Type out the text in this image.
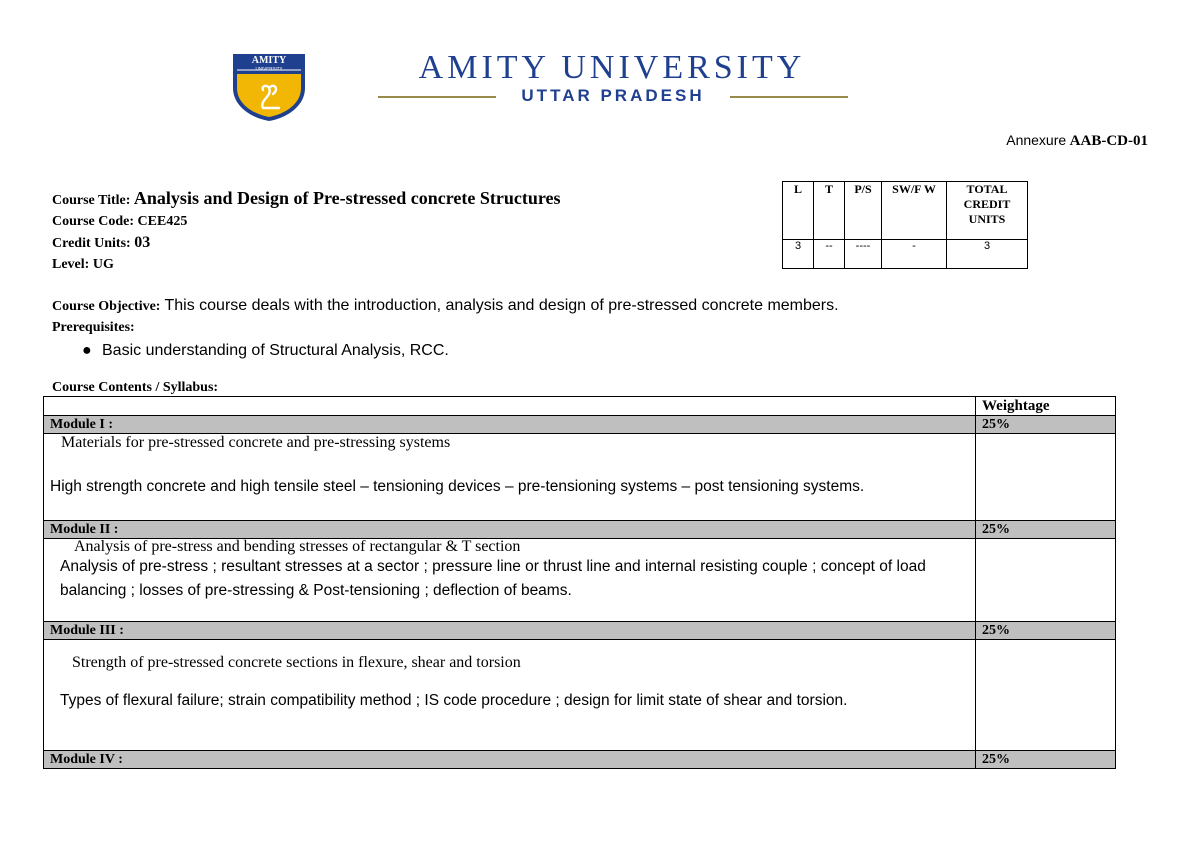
AMITY
UNIVERSITY	AMITY UNIVERSITY
UTTAR PRADESH
Annexure AAB-CD-01
Course Title: Analysis and Design of Pre-stressed concrete Structures
Course Code: CEE425
Credit Units: 03
Level: UG
L	T	P/S	SW/F W	TOTAL CREDIT UNITS
3	--	----	-	3
Course Objective: This course deals with the introduction, analysis and design of pre-stressed concrete members.
Prerequisites:
● Basic understanding of Structural Analysis, RCC.
Course Contents / Syllabus:
	Weightage
Module I :	25%

Materials for pre-stressed concrete and pre-stressing systems
High strength concrete and high tensile steel – tensioning devices – pre-tensioning systems – post tensioning systems.	

Module II :	25%

Analysis of pre-stress and bending stresses of rectangular & T section
Analysis of pre-stress ; resultant stresses at a sector ; pressure line or thrust line and internal resisting couple ; concept of load balancing ; losses of pre-stressing & Post-tensioning ; deflection of beams.	

Module III :	25%

Strength of pre-stressed concrete sections in flexure, shear and torsion
Types of flexural failure; strain compatibility method ; IS code procedure ; design for limit state of shear and torsion.	

Module IV :	25%
